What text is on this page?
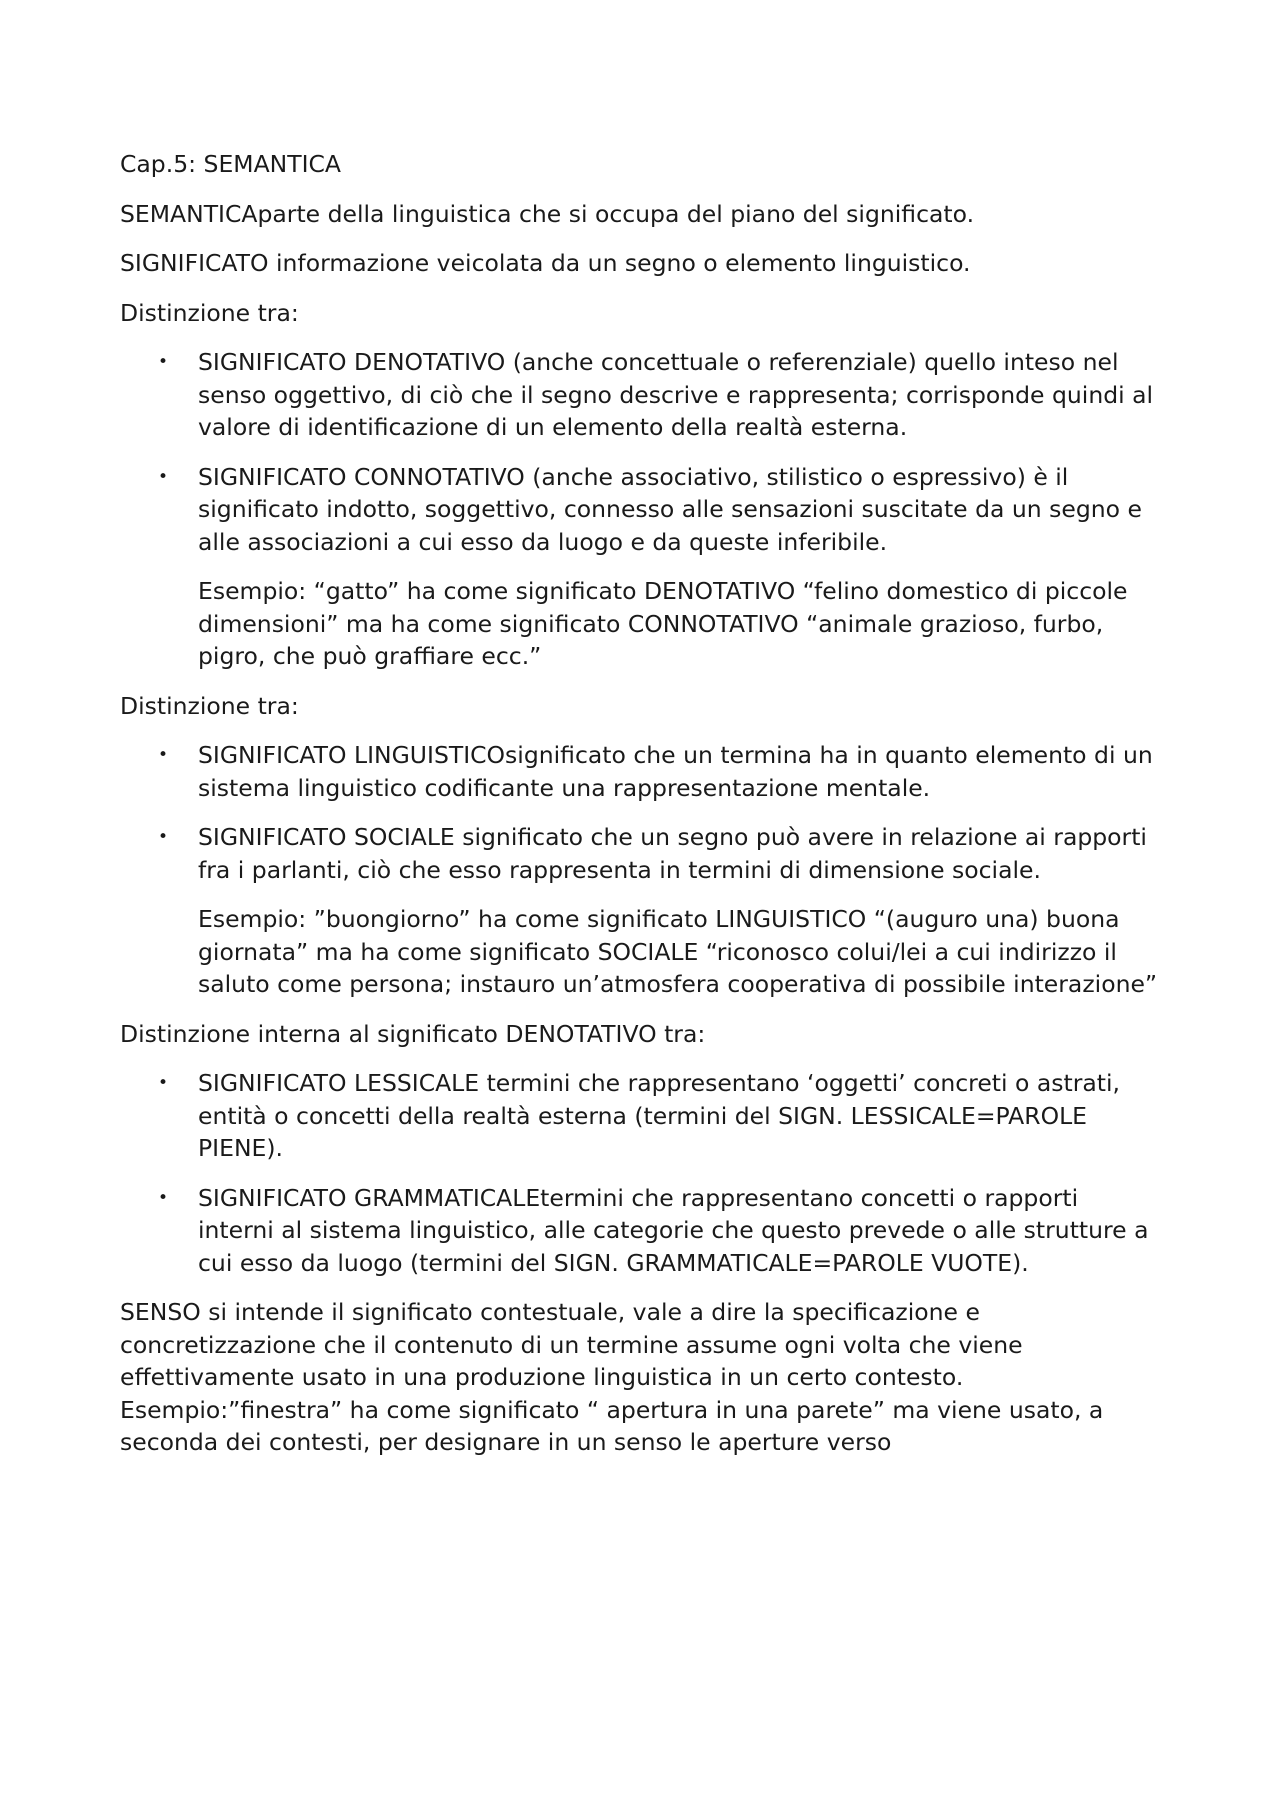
Cap.5: SEMANTICA

SEMANTICAparte della linguistica che si occupa del piano del significato.

SIGNIFICATO informazione veicolata da un segno o elemento linguistico.

Distinzione tra:

• SIGNIFICATO DENOTATIVO (anche concettuale o referenziale) quello inteso nel senso oggettivo, di ciò che il segno descrive e rappresenta; corrisponde quindi al valore di identificazione di un elemento della realtà esterna.
• SIGNIFICATO CONNOTATIVO (anche associativo, stilistico o espressivo) è il significato indotto, soggettivo, connesso alle sensazioni suscitate da un segno e alle associazioni a cui esso da luogo e da queste inferibile.

Esempio: “gatto” ha come significato DENOTATIVO “felino domestico di piccole dimensioni” ma ha come significato CONNOTATIVO “animale grazioso, furbo, pigro, che può graffiare ecc.”

Distinzione tra:

• SIGNIFICATO LINGUISTICOsignificato che un termina ha in quanto elemento di un sistema linguistico codificante una rappresentazione mentale.
• SIGNIFICATO SOCIALE significato che un segno può avere in relazione ai rapporti fra i parlanti, ciò che esso rappresenta in termini di dimensione sociale.

Esempio: ”buongiorno” ha come significato LINGUISTICO “(auguro una) buona giornata” ma ha come significato SOCIALE “riconosco colui/lei a cui indirizzo il saluto come persona; instauro un’atmosfera cooperativa di possibile interazione”

Distinzione interna al significato DENOTATIVO tra:

• SIGNIFICATO LESSICALE termini che rappresentano ‘oggetti’ concreti o astrati, entità o concetti della realtà esterna (termini del SIGN. LESSICALE=PAROLE PIENE).
• SIGNIFICATO GRAMMATICALEtermini che rappresentano concetti o rapporti interni al sistema linguistico, alle categorie che questo prevede o alle strutture a cui esso da luogo (termini del SIGN. GRAMMATICALE=PAROLE VUOTE).

SENSO si intende il significato contestuale, vale a dire la specificazione e concretizzazione che il contenuto di un termine assume ogni volta che viene effettivamente usato in una produzione linguistica in un certo contesto. Esempio:”finestra” ha come significato “ apertura in una parete” ma viene usato, a seconda dei contesti, per designare in un senso le aperture verso
